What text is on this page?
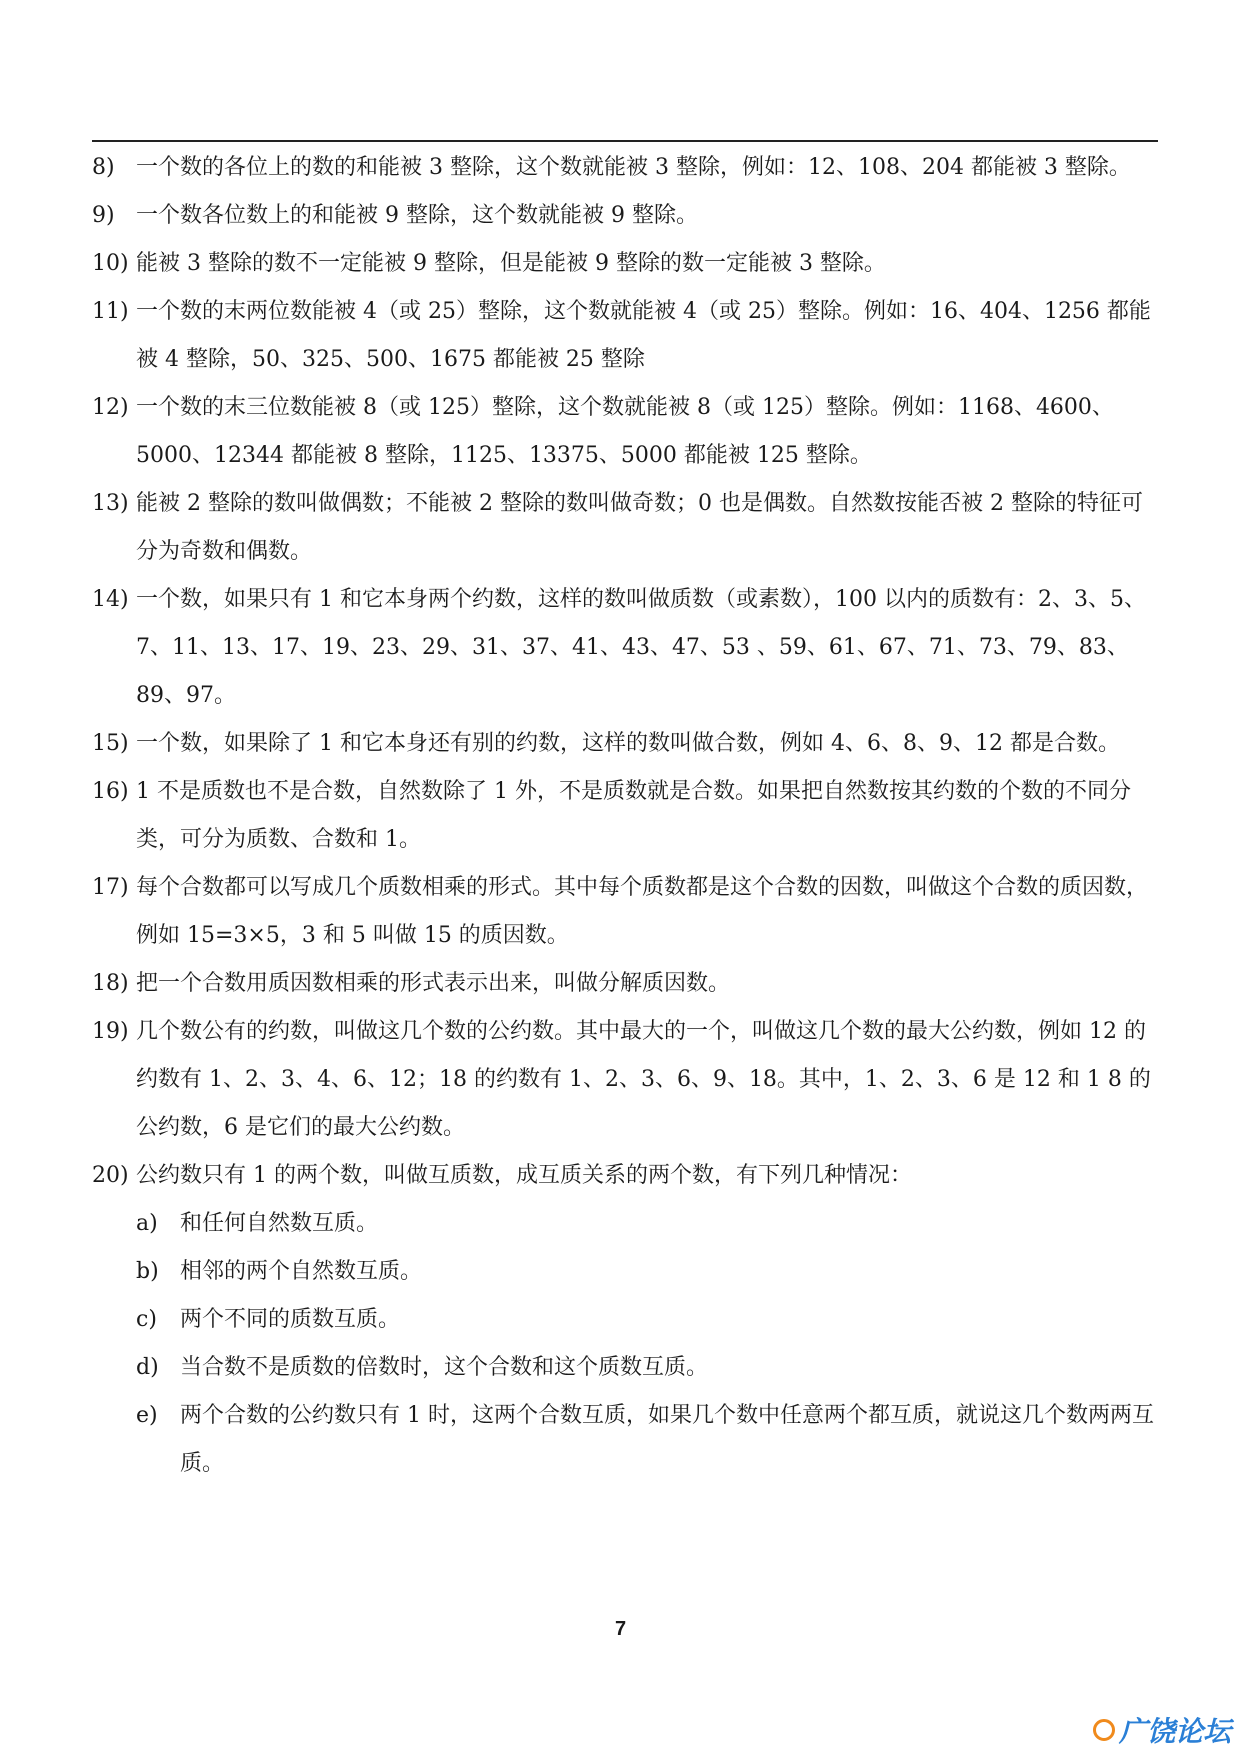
8) 一个数的各位上的数的和能被 3 整除，这个数就能被 3 整除，例如：12、108、204 都能被 3 整除。
9) 一个数各位数上的和能被 9 整除，这个数就能被 9 整除。
10) 能被 3 整除的数不一定能被 9 整除，但是能被 9 整除的数一定能被 3 整除。
11) 一个数的末两位数能被 4（或 25）整除，这个数就能被 4（或 25）整除。例如：16、404、1256 都能被 4 整除，50、325、500、1675 都能被 25 整除
12) 一个数的末三位数能被 8（或 125）整除，这个数就能被 8（或 125）整除。例如：1168、4600、5000、12344 都能被 8 整除，1125、13375、5000 都能被 125 整除。
13) 能被 2 整除的数叫做偶数；不能被 2 整除的数叫做奇数；0 也是偶数。自然数按能否被 2 整除的特征可分为奇数和偶数。
14) 一个数，如果只有 1 和它本身两个约数，这样的数叫做质数（或素数），100 以内的质数有：2、3、5、7、11、13、17、19、23、29、31、37、41、43、47、53 、59、61、67、71、73、79、83、89、97。
15) 一个数，如果除了 1 和它本身还有别的约数，这样的数叫做合数，例如 4、6、8、9、12 都是合数。
16) 1 不是质数也不是合数，自然数除了 1 外，不是质数就是合数。如果把自然数按其约数的个数的不同分类，可分为质数、合数和 1。
17) 每个合数都可以写成几个质数相乘的形式。其中每个质数都是这个合数的因数，叫做这个合数的质因数，例如 15=3×5，3 和 5 叫做 15 的质因数。
18) 把一个合数用质因数相乘的形式表示出来，叫做分解质因数。
19) 几个数公有的约数，叫做这几个数的公约数。其中最大的一个，叫做这几个数的最大公约数，例如 12 的约数有 1、2、3、4、6、12；18 的约数有 1、2、3、6、9、18。其中，1、2、3、6 是 12 和 1 8 的公约数，6 是它们的最大公约数。
20) 公约数只有 1 的两个数，叫做互质数，成互质关系的两个数，有下列几种情况：
a)	和任何自然数互质。
b) 相邻的两个自然数互质。
c)	两个不同的质数互质。
d) 当合数不是质数的倍数时，这个合数和这个质数互质。
e)	两个合数的公约数只有 1 时，这两个合数互质，如果几个数中任意两个都互质，就说这几个数两两互质。
7
广饶论坛
